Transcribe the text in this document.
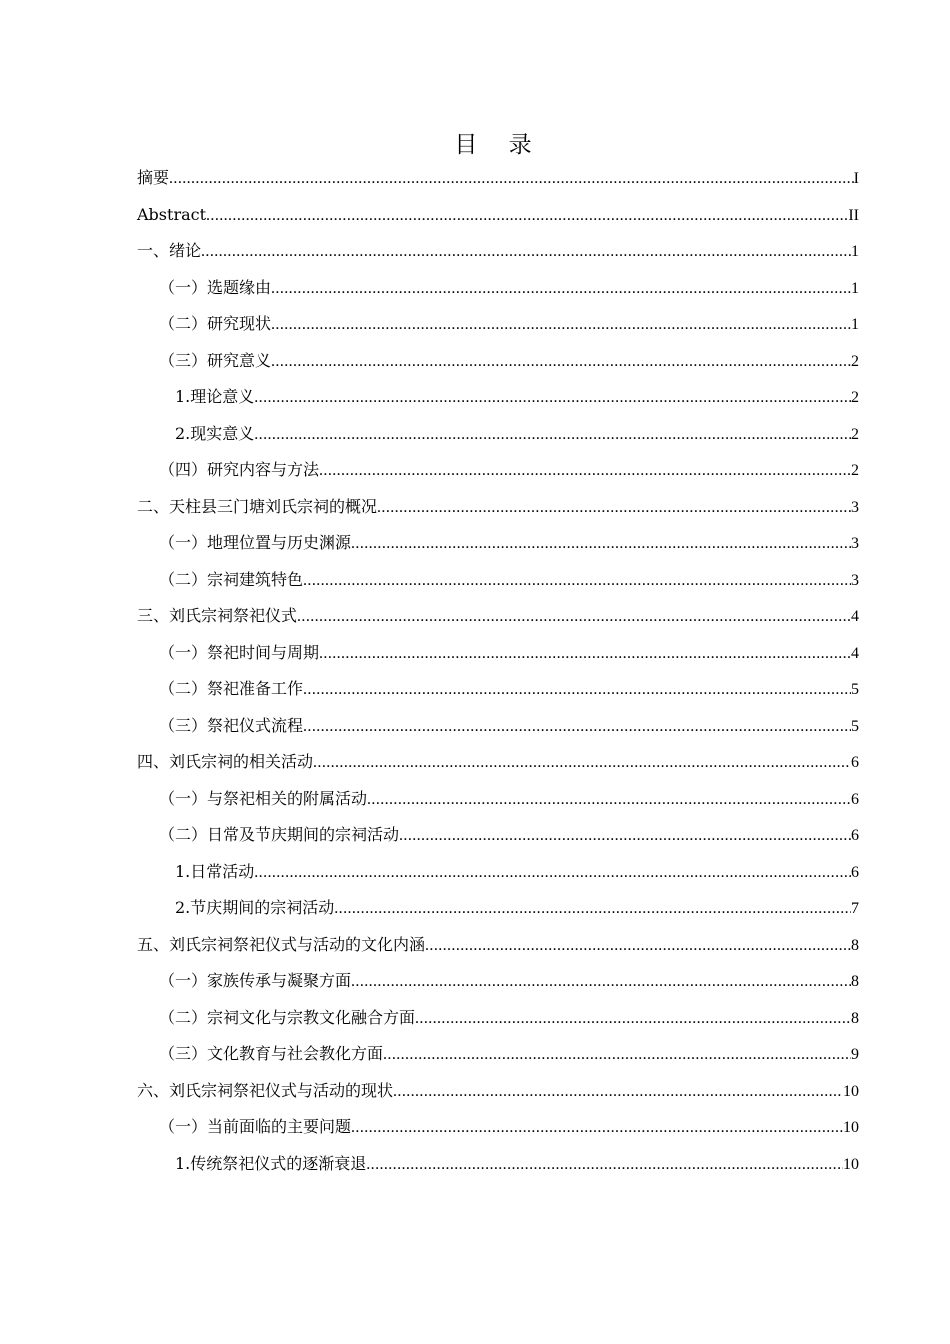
目 录
摘要 .....	I
Abstract .....	II
一、绪论 .....	1
（一）选题缘由 .....	1
（二）研究现状 .....	1
（三）研究意义 .....	2
1.理论意义 .....	2
2.现实意义 .....	2
（四）研究内容与方法 .....	2
二、天柱县三门塘刘氏宗祠的概况 .....	3
（一）地理位置与历史渊源 .....	3
（二）宗祠建筑特色 .....	3
三、刘氏宗祠祭祀仪式 .....	4
（一）祭祀时间与周期 .....	4
（二）祭祀准备工作 .....	5
（三）祭祀仪式流程 .....	5
四、刘氏宗祠的相关活动 .....	6
（一）与祭祀相关的附属活动 .....	6
（二）日常及节庆期间的宗祠活动 .....	6
1.日常活动 .....	6
2.节庆期间的宗祠活动 .....	7
五、刘氏宗祠祭祀仪式与活动的文化内涵 .....	8
（一）家族传承与凝聚方面 .....	8
（二）宗祠文化与宗教文化融合方面 .....	8
（三）文化教育与社会教化方面 .....	9
六、刘氏宗祠祭祀仪式与活动的现状 .....	10
（一）当前面临的主要问题 .....	10
1.传统祭祀仪式的逐渐衰退 .....	10
